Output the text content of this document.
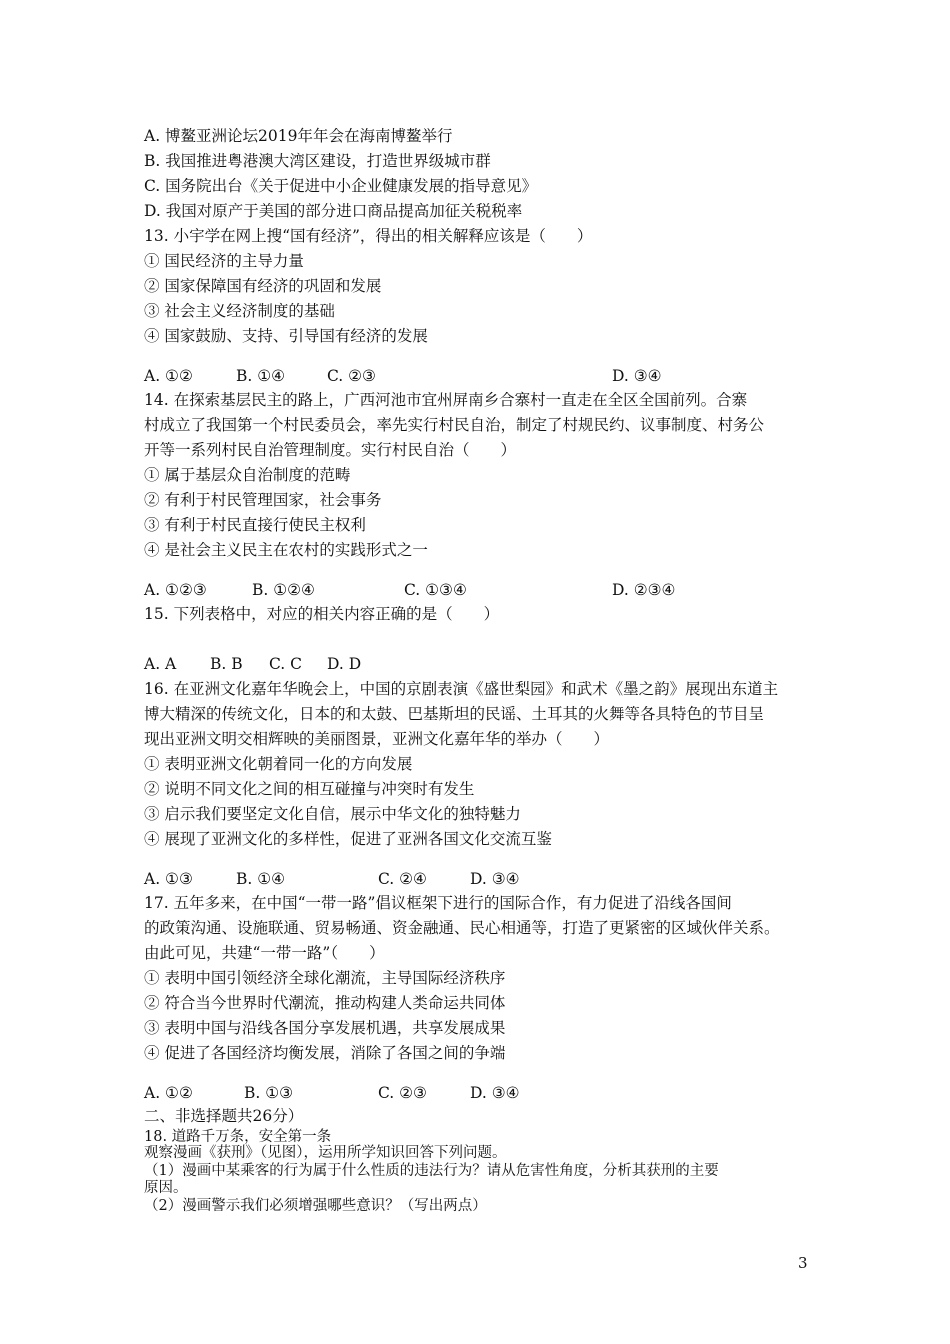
A. 博鳌亚洲论坛2019年年会在海南博鳌举行
B. 我国推进粤港澳大湾区建设，打造世界级城市群
C. 国务院出台《关于促进中小企业健康发展的指导意见》
D. 我国对原产于美国的部分进口商品提高加征关税税率
13. 小宇学在网上搜“国有经济”，得出的相关解释应该是（　　）
① 国民经济的主导力量
② 国家保障国有经济的巩固和发展
③ 社会主义经济制度的基础
④ 国家鼓励、支持、引导国有经济的发展
A. ①②	B. ①④	C. ②③	D. ③④
14. 在探索基层民主的路上，广西河池市宜州屏南乡合寨村一直走在全区全国前列。合寨
村成立了我国第一个村民委员会，率先实行村民自治，制定了村规民约、议事制度、村务公
开等一系列村民自治管理制度。实行村民自治（　　）
① 属于基层众自治制度的范畴
② 有利于村民管理国家，社会事务
③ 有利于村民直接行使民主权利
④ 是社会主义民主在农村的实践形式之一
A. ①②③	B. ①②④	C. ①③④	D. ②③④
15. 下列表格中，对应的相关内容正确的是（　　）
A. A B. B C. C D. D
16. 在亚洲文化嘉年华晚会上，中国的京剧表演《盛世梨园》和武术《墨之韵》展现出东道主
博大精深的传统文化，日本的和太鼓、巴基斯坦的民谣、土耳其的火舞等各具特色的节目呈
现出亚洲文明交相辉映的美丽图景，亚洲文化嘉年华的举办（　　）
① 表明亚洲文化朝着同一化的方向发展
② 说明不同文化之间的相互碰撞与冲突时有发生
③ 启示我们要坚定文化自信，展示中华文化的独特魅力
④ 展现了亚洲文化的多样性，促进了亚洲各国文化交流互鉴
A. ①③	B. ①④	C. ②④	D. ③④
17. 五年多来，在中国“一带一路”倡议框架下进行的国际合作，有力促进了沿线各国间
的政策沟通、设施联通、贸易畅通、资金融通、民心相通等，打造了更紧密的区域伙伴关系。
由此可见，共建“一带一路”（　　）
① 表明中国引领经济全球化潮流，主导国际经济秩序
② 符合当今世界时代潮流，推动构建人类命运共同体
③ 表明中国与沿线各国分享发展机遇，共享发展成果
④ 促进了各国经济均衡发展，消除了各国之间的争端
A. ①②	B. ①③	C. ②③	D. ③④
二、非选择题共26分）
18. 道路千万条，安全第一条
观察漫画《获刑》（见图），运用所学知识回答下列问题。
（1）漫画中某乘客的行为属于什么性质的违法行为？请从危害性角度，分析其获刑的主要
原因。
（2）漫画警示我们必须增强哪些意识？（写出两点）
3
